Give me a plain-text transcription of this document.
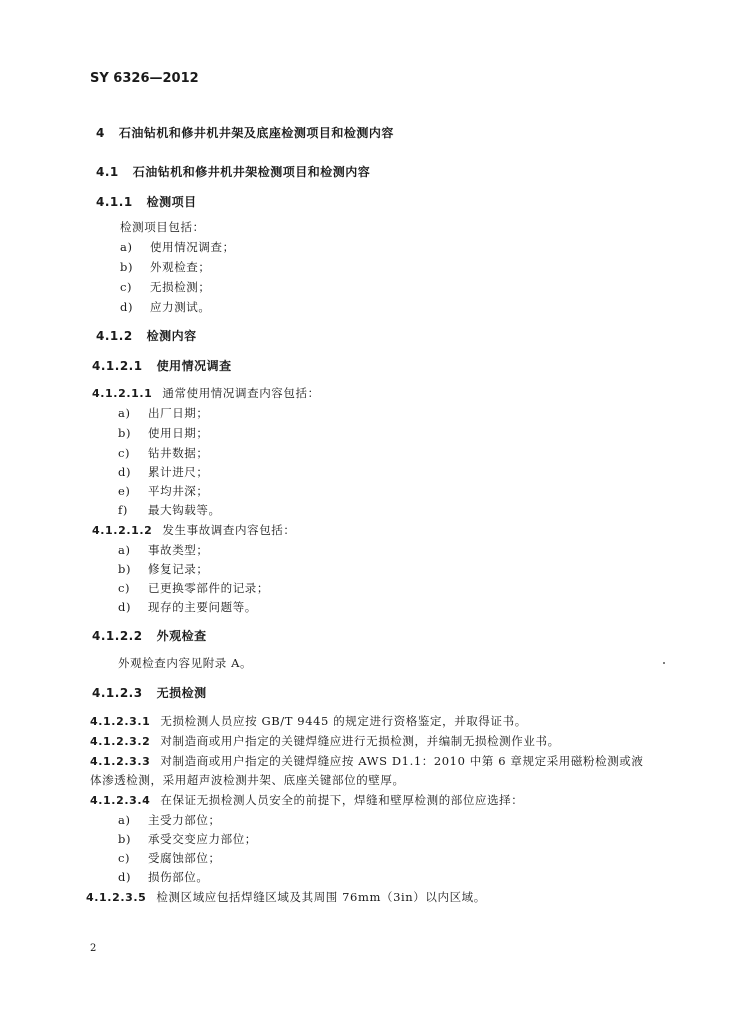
SY 6326—2012
4 石油钻机和修井机井架及底座检测项目和检测内容
4.1 石油钻机和修井机井架检测项目和检测内容
4.1.1 检测项目
检测项目包括：
a) 使用情况调查；
b) 外观检查；
c) 无损检测；
d) 应力测试。
4.1.2 检测内容
4.1.2.1 使用情况调查
4.1.2.1.1 通常使用情况调查内容包括：
a) 出厂日期；
b) 使用日期；
c) 钻井数据；
d) 累计进尺；
e) 平均井深；
f) 最大钩载等。
4.1.2.1.2 发生事故调查内容包括：
a) 事故类型；
b) 修复记录；
c) 已更换零部件的记录；
d) 现存的主要问题等。
4.1.2.2 外观检查
外观检查内容见附录 A。
4.1.2.3 无损检测
4.1.2.3.1 无损检测人员应按 GB/T 9445 的规定进行资格鉴定，并取得证书。
4.1.2.3.2 对制造商或用户指定的关键焊缝应进行无损检测，并编制无损检测作业书。
4.1.2.3.3 对制造商或用户指定的关键焊缝应按 AWS D1.1：2010 中第 6 章规定采用磁粉检测或液
体渗透检测，采用超声波检测井架、底座关键部位的壁厚。
4.1.2.3.4 在保证无损检测人员安全的前提下，焊缝和壁厚检测的部位应选择：
a) 主受力部位；
b) 承受交变应力部位；
c) 受腐蚀部位；
d) 损伤部位。
4.1.2.3.5 检测区域应包括焊缝区域及其周围 76mm（3in）以内区域。
2
